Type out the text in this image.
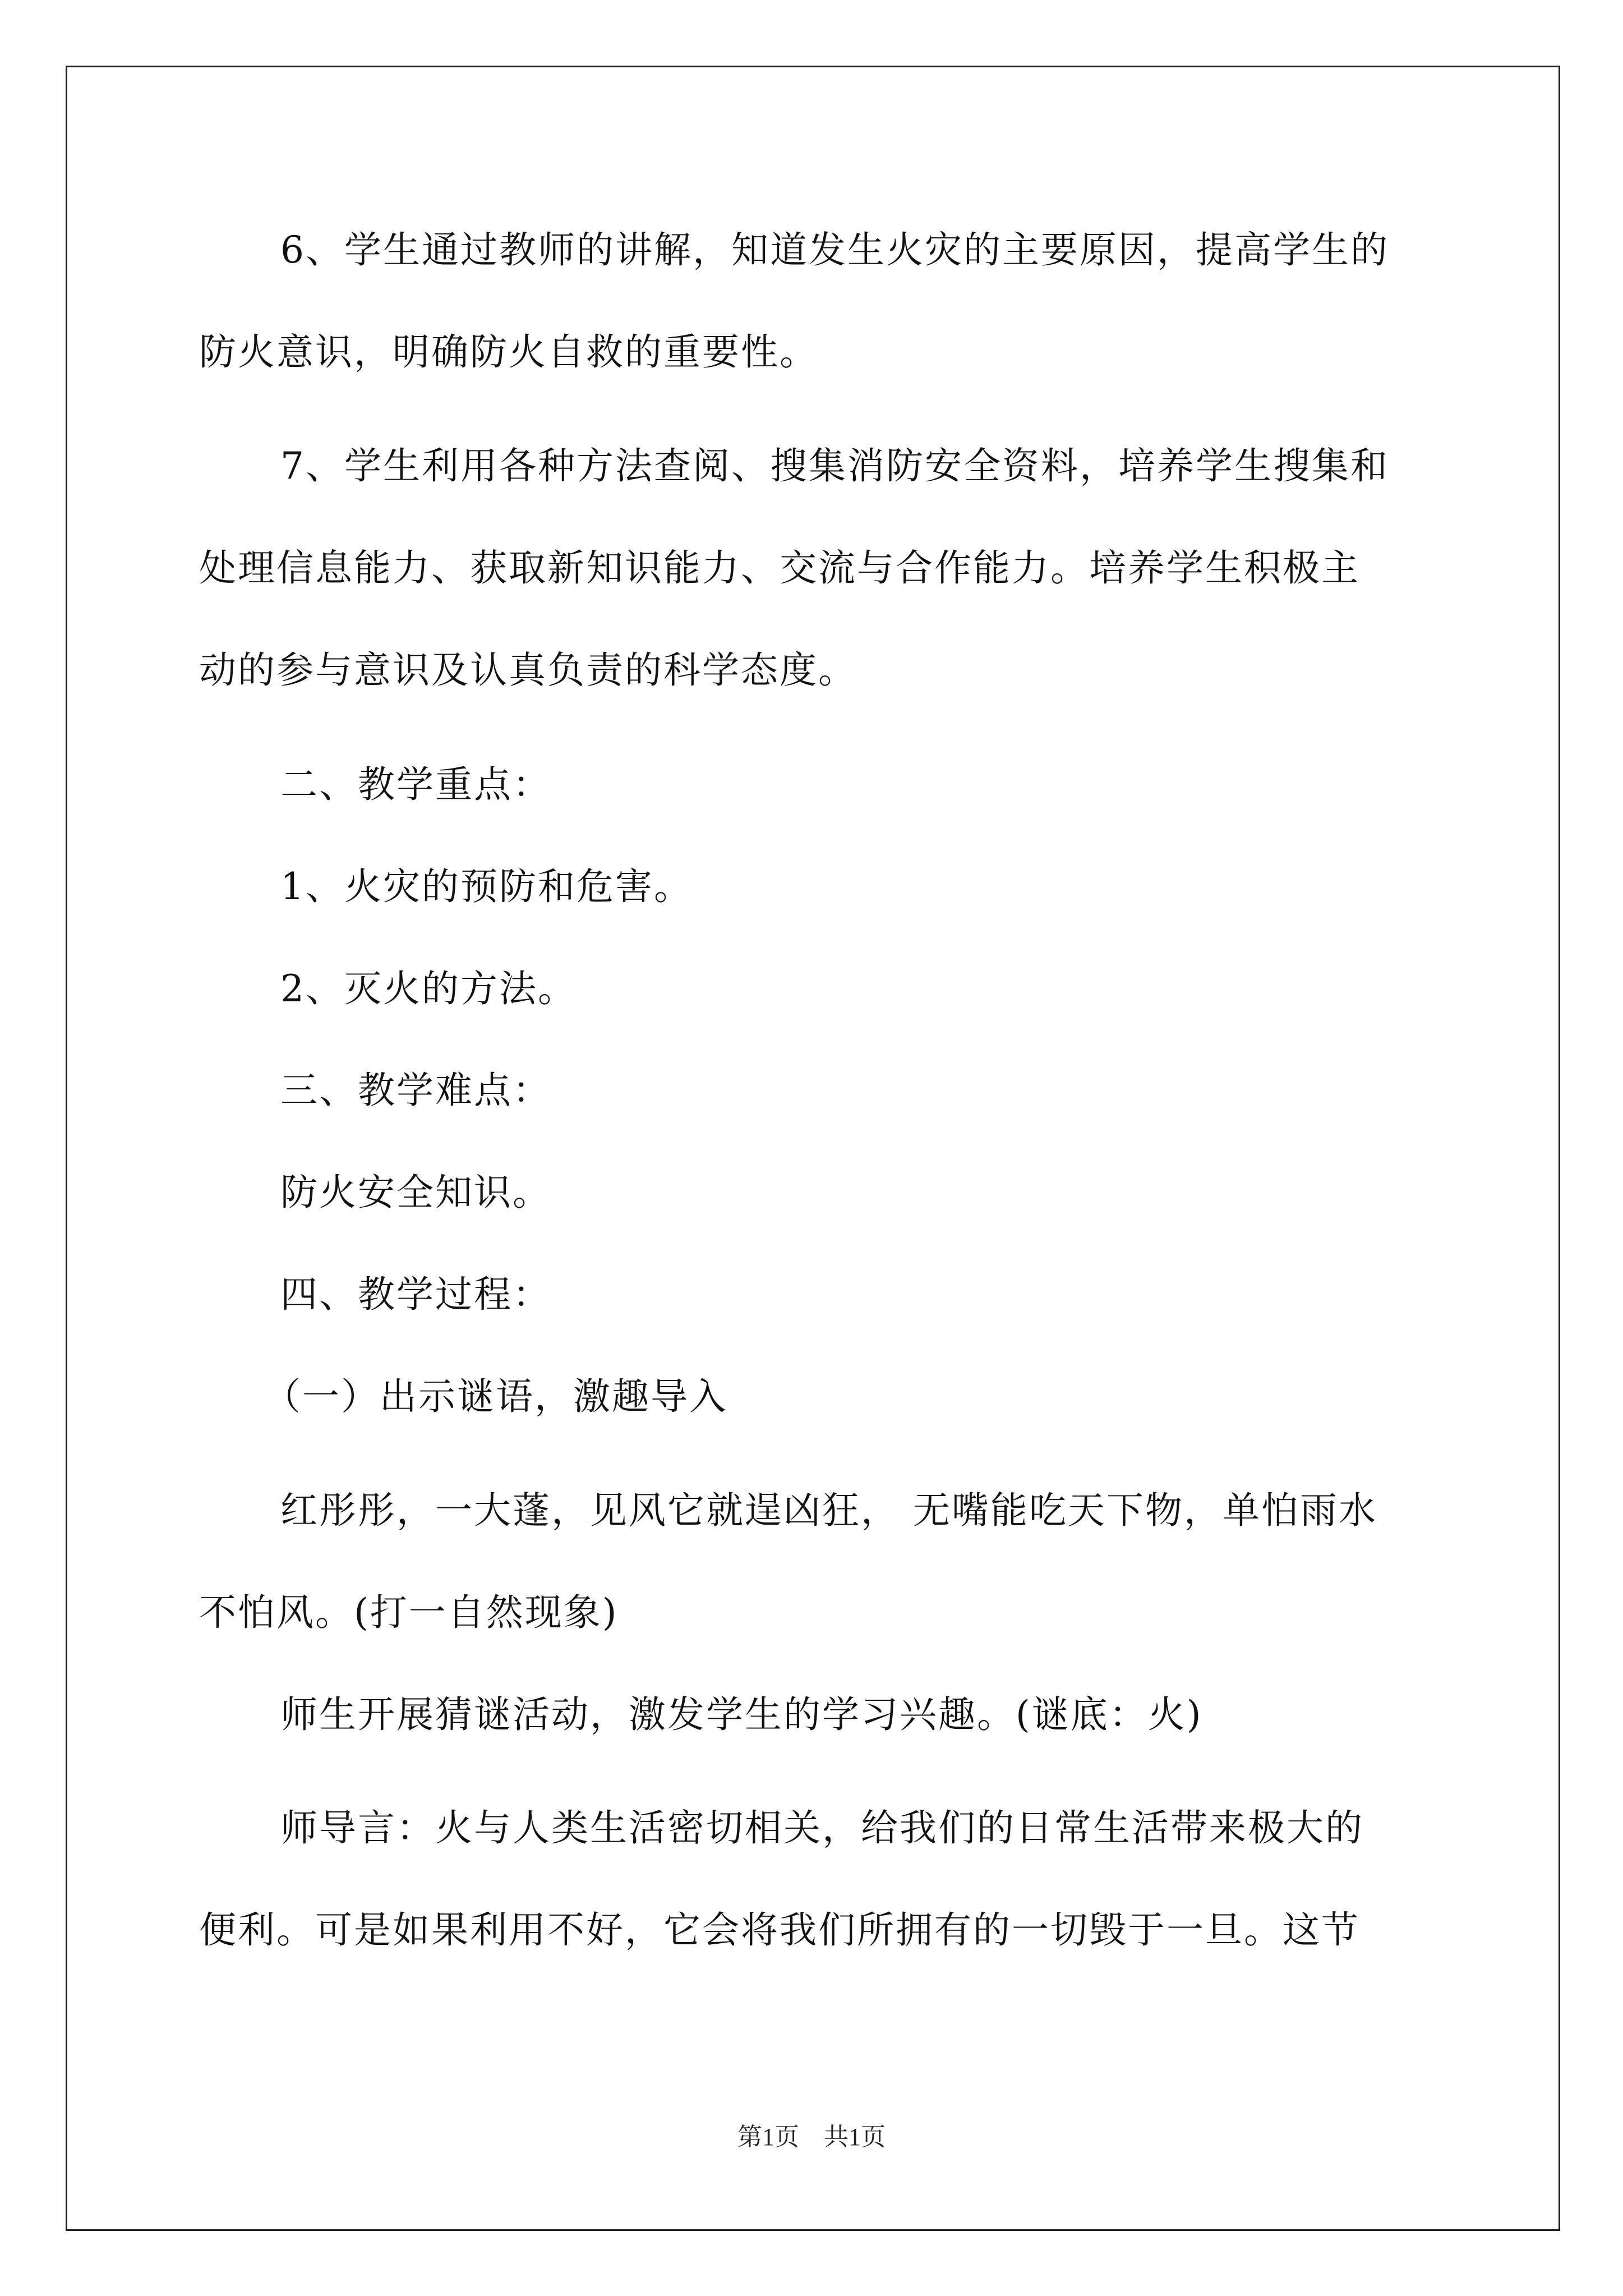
6、学生通过教师的讲解，知道发生火灾的主要原因，提高学生的
防火意识，明确防火自救的重要性。
7、学生利用各种方法查阅、搜集消防安全资料，培养学生搜集和
处理信息能力、获取新知识能力、交流与合作能力。培养学生积极主
动的参与意识及认真负责的科学态度。
二、教学重点：
1、火灾的预防和危害。
2、灭火的方法。
三、教学难点：
防火安全知识。
四、教学过程：
（一）出示谜语，激趣导入
红彤彤，一大蓬，见风它就逞凶狂， 无嘴能吃天下物，单怕雨水
不怕风。(打一自然现象)
师生开展猜谜活动，激发学生的学习兴趣。(谜底：火)
师导言：火与人类生活密切相关，给我们的日常生活带来极大的
便利。可是如果利用不好，它会将我们所拥有的一切毁于一旦。这节
第1页　共1页
